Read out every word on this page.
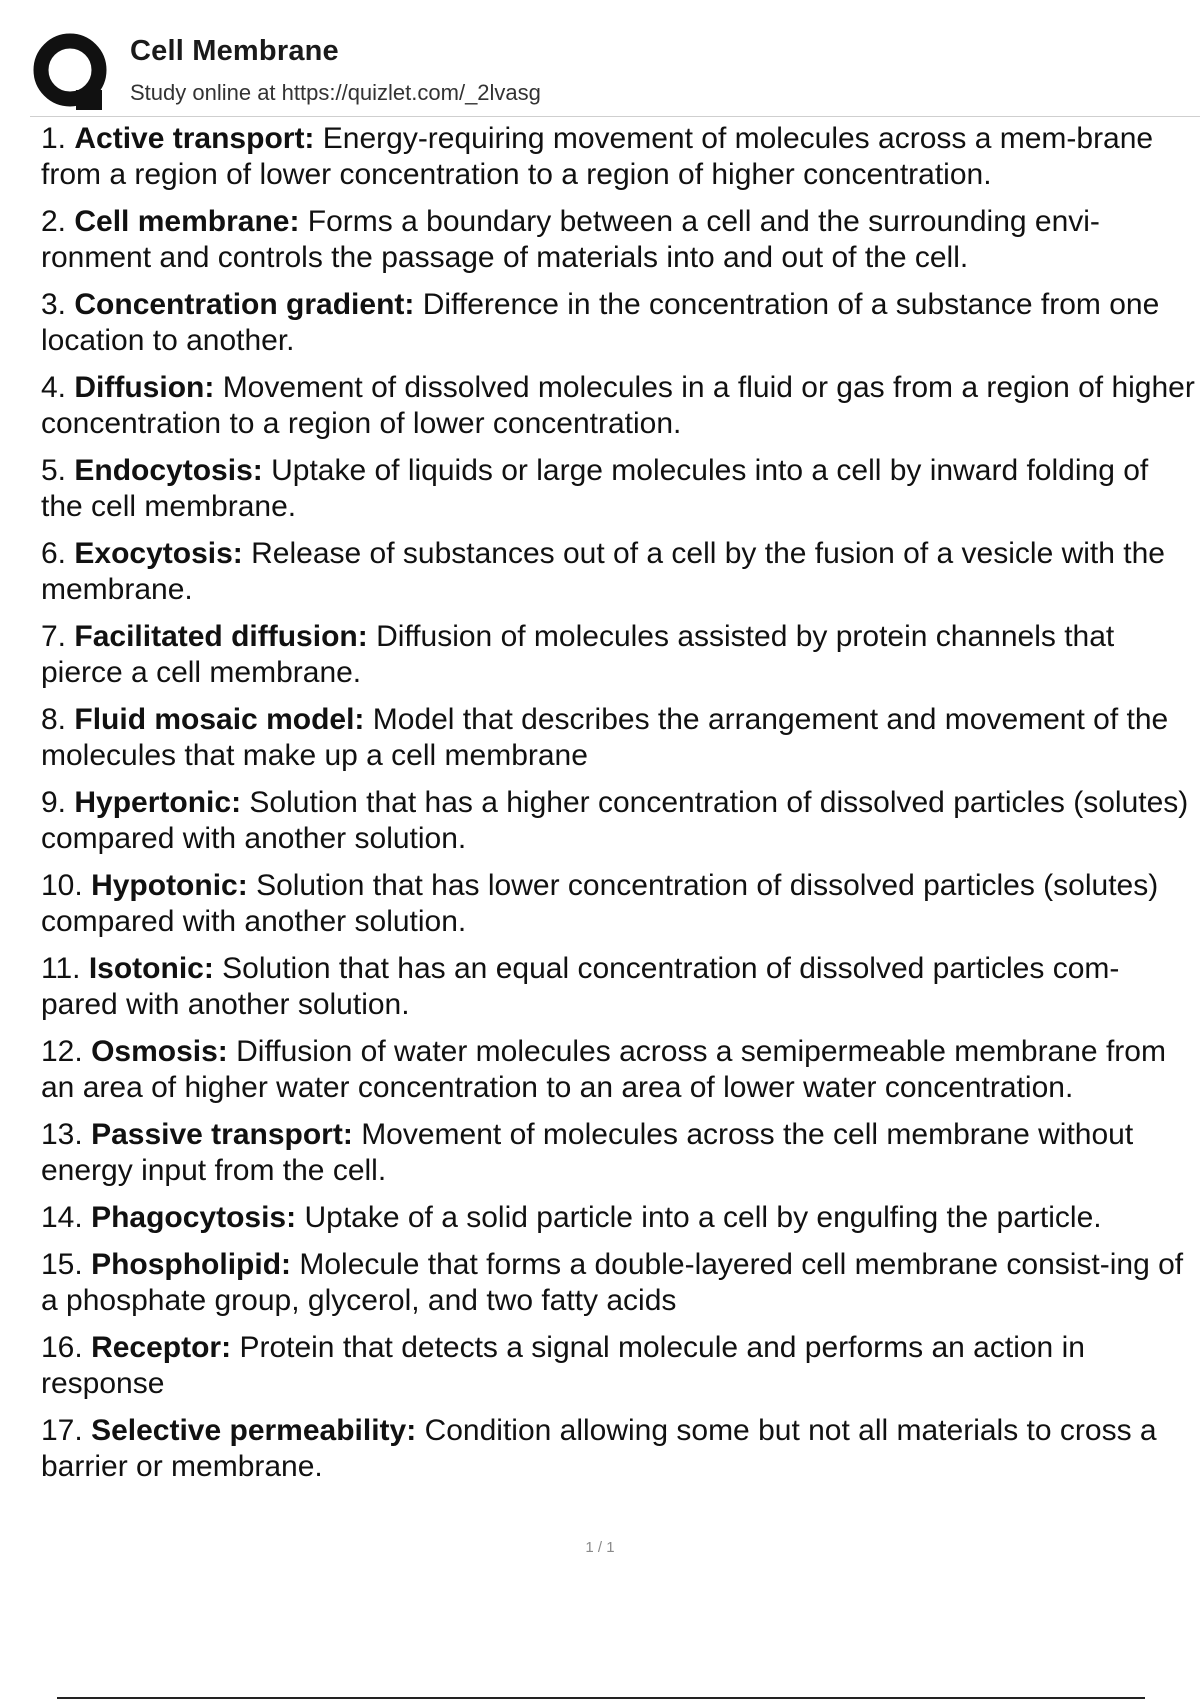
Cell Membrane
Study online at https://quizlet.com/_2lvasg
1. Active transport: Energy-requiring movement of molecules across a mem-brane from a region of lower concentration to a region of higher concentration.
2. Cell membrane: Forms a boundary between a cell and the surrounding envi-ronment and controls the passage of materials into and out of the cell.
3. Concentration gradient: Difference in the concentration of a substance from one location to another.
4. Diffusion: Movement of dissolved molecules in a fluid or gas from a region of higher concentration to a region of lower concentration.
5. Endocytosis: Uptake of liquids or large molecules into a cell by inward folding of the cell membrane.
6. Exocytosis: Release of substances out of a cell by the fusion of a vesicle with the membrane.
7. Facilitated diffusion: Diffusion of molecules assisted by protein channels that pierce a cell membrane.
8. Fluid mosaic model: Model that describes the arrangement and movement of the molecules that make up a cell membrane
9. Hypertonic: Solution that has a higher concentration of dissolved particles (solutes) compared with another solution.
10. Hypotonic: Solution that has lower concentration of dissolved particles (solutes) compared with another solution.
11. Isotonic: Solution that has an equal concentration of dissolved particles com-pared with another solution.
12. Osmosis: Diffusion of water molecules across a semipermeable membrane from an area of higher water concentration to an area of lower water concentration.
13. Passive transport: Movement of molecules across the cell membrane without energy input from the cell.
14. Phagocytosis: Uptake of a solid particle into a cell by engulfing the particle.
15. Phospholipid: Molecule that forms a double-layered cell membrane consist-ing of a phosphate group, glycerol, and two fatty acids
16. Receptor: Protein that detects a signal molecule and performs an action in response
17. Selective permeability: Condition allowing some but not all materials to cross a barrier or membrane.
1 / 1
